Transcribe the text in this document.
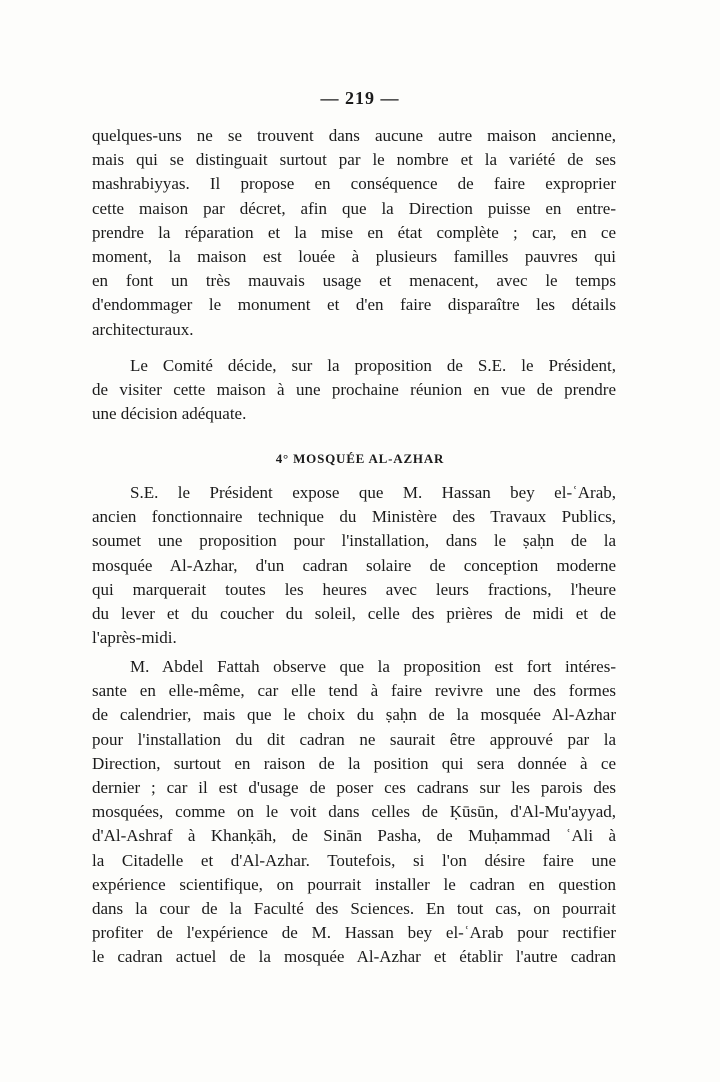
— 219 —
quelques-uns ne se trouvent dans aucune autre maison ancienne,
mais qui se distinguait surtout par le nombre et la variété de ses
mashrabiyyas. Il propose en conséquence de faire exproprier
cette maison par décret, afin que la Direction puisse en entre-
prendre la réparation et la mise en état complète ; car, en ce
moment, la maison est louée à plusieurs familles pauvres qui
en font un très mauvais usage et menacent, avec le temps
d'endommager le monument et d'en faire disparaître les détails
architecturaux.
Le Comité décide, sur la proposition de S.E. le Président,
de visiter cette maison à une prochaine réunion en vue de prendre
une décision adéquate.
4° MOSQUÉE AL-AZHAR
S.E. le Président expose que M. Hassan bey el-ʿArab,
ancien fonctionnaire technique du Ministère des Travaux Publics,
soumet une proposition pour l'installation, dans le ṣaḥn de la
mosquée Al-Azhar, d'un cadran solaire de conception moderne
qui marquerait toutes les heures avec leurs fractions, l'heure
du lever et du coucher du soleil, celle des prières de midi et de
l'après-midi.
M. Abdel Fattah observe que la proposition est fort intéres-
sante en elle-même, car elle tend à faire revivre une des formes
de calendrier, mais que le choix du ṣaḥn de la mosquée Al-Azhar
pour l'installation du dit cadran ne saurait être approuvé par la
Direction, surtout en raison de la position qui sera donnée à ce
dernier ; car il est d'usage de poser ces cadrans sur les parois des
mosquées, comme on le voit dans celles de Ḳūsūn, d'Al-Mu'ayyad,
d'Al-Ashraf à Khanḳāh, de Sinān Pasha, de Muḥammad ʿAli à
la Citadelle et d'Al-Azhar. Toutefois, si l'on désire faire une
expérience scientifique, on pourrait installer le cadran en question
dans la cour de la Faculté des Sciences. En tout cas, on pourrait
profiter de l'expérience de M. Hassan bey el-ʿArab pour rectifier
le cadran actuel de la mosquée Al-Azhar et établir l'autre cadran
